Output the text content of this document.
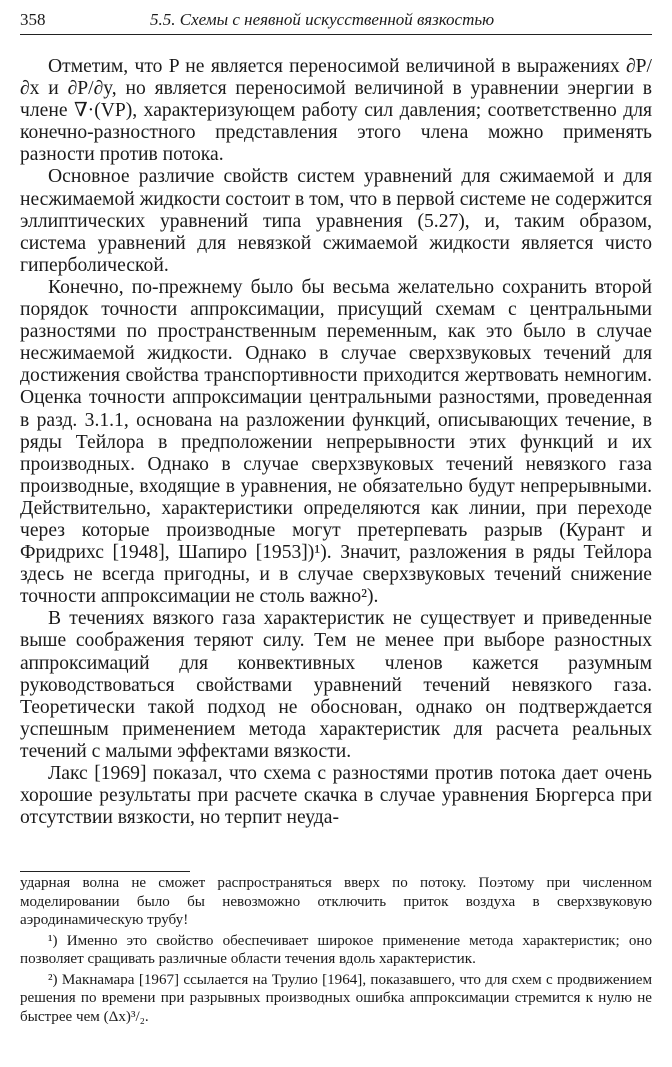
358	5.5. Схемы с неявной искусственной вязкостью

Отметим, что P не является переносимой величиной в выражениях ∂P/∂x и ∂P/∂y, но является переносимой величиной в уравнении энергии в члене ∇·(VP), характеризующем работу сил давления; соответственно для конечно-разностного представления этого члена можно применять разности против потока.

Основное различие свойств систем уравнений для сжимаемой и для несжимаемой жидкости состоит в том, что в первой системе не содержится эллиптических уравнений типа уравнения (5.27), и, таким образом, система уравнений для невязкой сжимаемой жидкости является чисто гиперболической.

Конечно, по-прежнему было бы весьма желательно сохранить второй порядок точности аппроксимации, присущий схемам с центральными разностями по пространственным переменным, как это было в случае несжимаемой жидкости. Однако в случае сверхзвуковых течений для достижения свойства транспортивности приходится жертвовать немногим. Оценка точности аппроксимации центральными разностями, проведенная в разд. 3.1.1, основана на разложении функций, описывающих течение, в ряды Тейлора в предположении непрерывности этих функций и их производных. Однако в случае сверхзвуковых течений невязкого газа производные, входящие в уравнения, не обязательно будут непрерывными. Действительно, характеристики определяются как линии, при переходе через которые производные могут претерпевать разрыв (Курант и Фридрихс [1948], Шапиро [1953])¹). Значит, разложения в ряды Тейлора здесь не всегда пригодны, и в случае сверхзвуковых течений снижение точности аппроксимации не столь важно²).

В течениях вязкого газа характеристик не существует и приведенные выше соображения теряют силу. Тем не менее при выборе разностных аппроксимаций для конвективных членов кажется разумным руководствоваться свойствами уравнений течений невязкого газа. Теоретически такой подход не обоснован, однако он подтверждается успешным применением метода характеристик для расчета реальных течений с малыми эффектами вязкости.

Лакс [1969] показал, что схема с разностями против потока дает очень хорошие результаты при расчете скачка в случае уравнения Бюргерса при отсутствии вязкости, но терпит неуда-

ударная волна не сможет распространяться вверх по потоку. Поэтому при численном моделировании было бы невозможно отключить приток воздуха в сверхзвуковую аэродинамическую трубу!

¹) Именно это свойство обеспечивает широкое применение метода характеристик; оно позволяет сращивать различные области течения вдоль характеристик.

²) Макнамара [1967] ссылается на Трулио [1964], показавшего, что для схем с продвижением решения по времени при разрывных производных ошибка аппроксимации стремится к нулю не быстрее чем (Δx)³/₂.
